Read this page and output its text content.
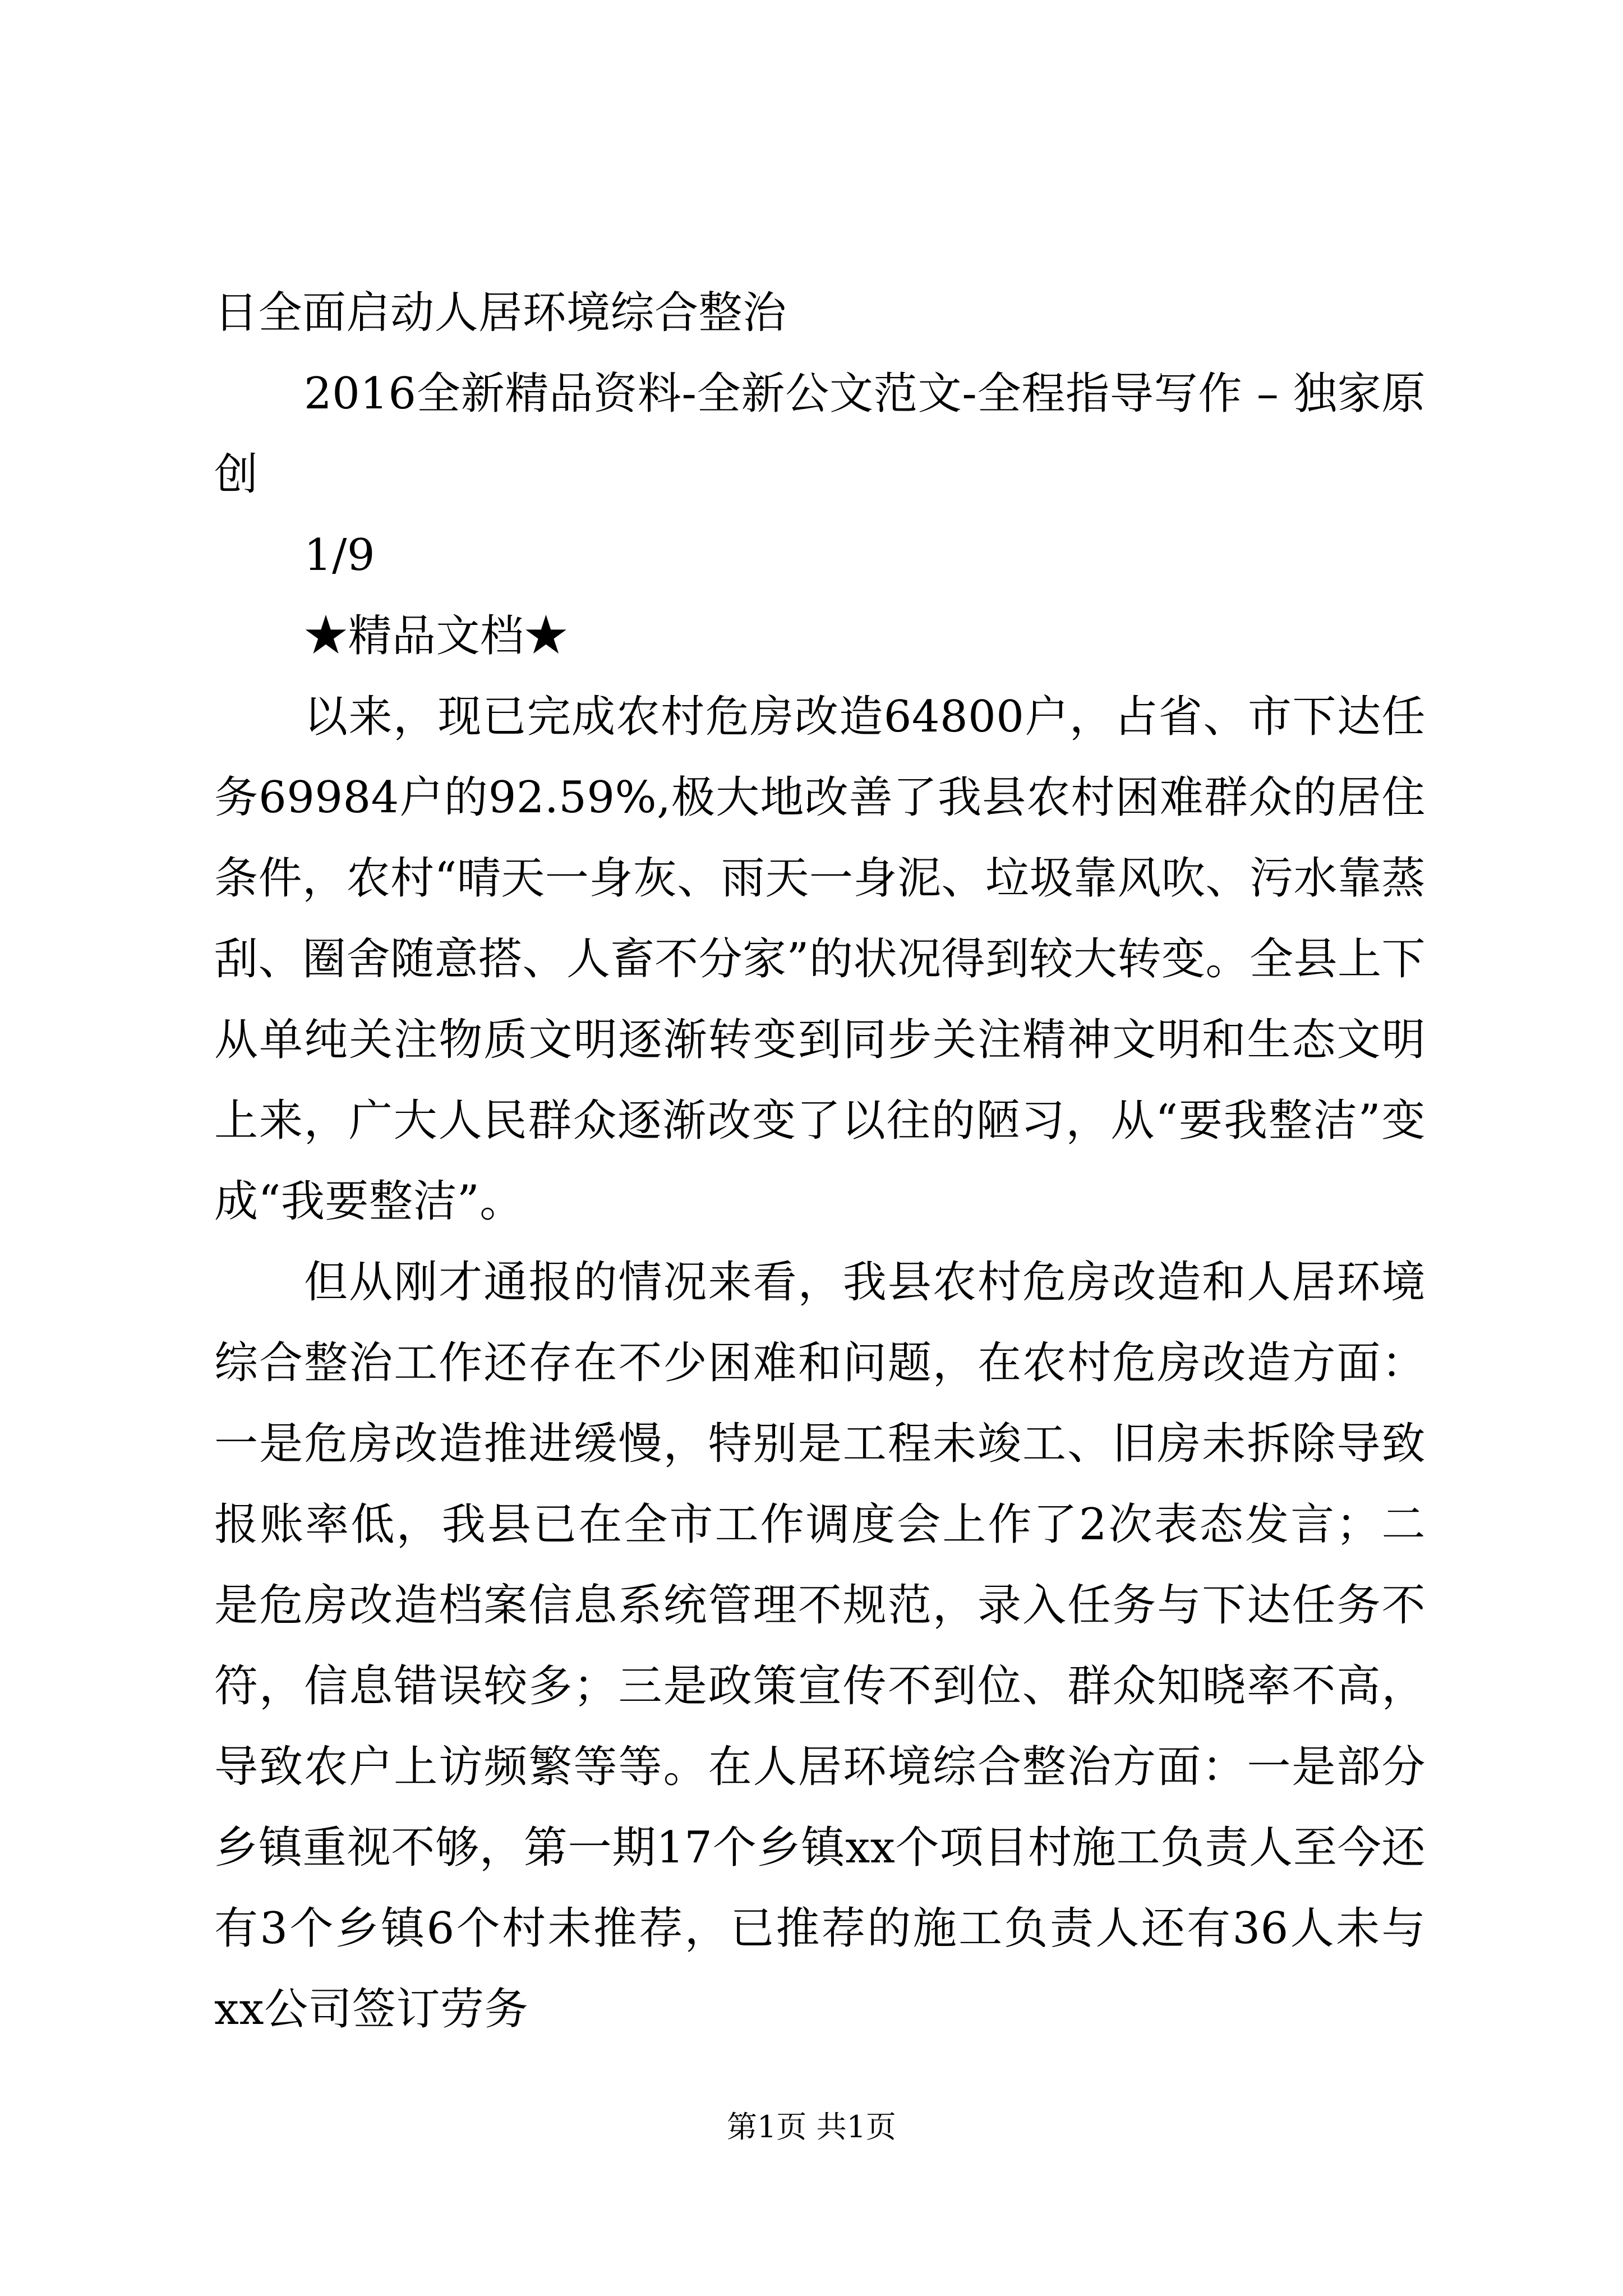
日全面启动人居环境综合整治

2016全新精品资料-全新公文范文-全程指导写作 – 独家原创

1/9

★精品文档★

以来，现已完成农村危房改造64800户，占省、市下达任务69984户的92.59%,极大地改善了我县农村困难群众的居住条件，农村“晴天一身灰、雨天一身泥、垃圾靠风吹、污水靠蒸刮、圈舍随意搭、人畜不分家”的状况得到较大转变。全县上下从单纯关注物质文明逐渐转变到同步关注精神文明和生态文明上来，广大人民群众逐渐改变了以往的陋习，从“要我整洁”变成“我要整洁”。

但从刚才通报的情况来看，我县农村危房改造和人居环境综合整治工作还存在不少困难和问题，在农村危房改造方面：一是危房改造推进缓慢，特别是工程未竣工、旧房未拆除导致报账率低，我县已在全市工作调度会上作了2次表态发言；二是危房改造档案信息系统管理不规范，录入任务与下达任务不符，信息错误较多；三是政策宣传不到位、群众知晓率不高，导致农户上访频繁等等。在人居环境综合整治方面：一是部分乡镇重视不够，第一期17个乡镇xx个项目村施工负责人至今还有3个乡镇6个村未推荐，已推荐的施工负责人还有36人未与xx公司签订劳务

第1页 共1页
